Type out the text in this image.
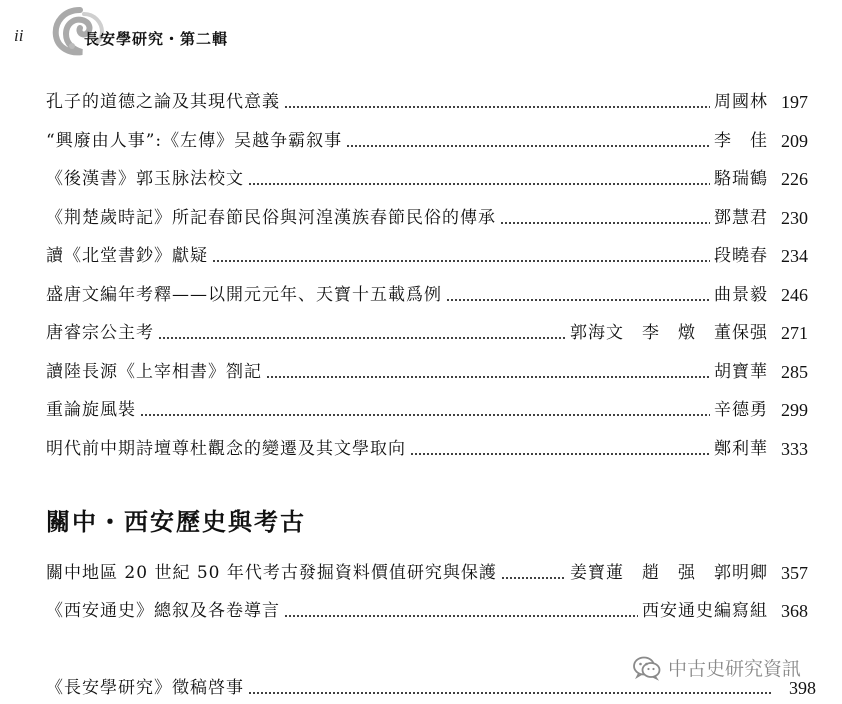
ii	長安學研究・第二輯
孔子的道德之論及其現代意義	周國林 197
“興廢由人事”:《左傳》吴越争霸叙事	李　佳 209
《後漢書》郭玉脉法校文	駱瑞鶴 226
《荆楚歲時記》所記春節民俗與河湟漢族春節民俗的傳承	鄧慧君 230
讀《北堂書鈔》獻疑	段曉春 234
盛唐文編年考釋——以開元元年、天寶十五載爲例	曲景毅 246
唐睿宗公主考	郭海文　李　燉　董保强 271
讀陸長源《上宰相書》劄記	胡寶華 285
重論旋風裝	辛德勇 299
明代前中期詩壇尊杜觀念的變遷及其文學取向	鄭利華 333
關中・西安歷史與考古
關中地區 20 世紀 50 年代考古發掘資料價值研究與保護	姜寶蓮　趙　强　郭明卿 357
《西安通史》總叙及各卷導言	西安通史編寫組 368
《長安學研究》徵稿啓事	398
中古史研究資訊
